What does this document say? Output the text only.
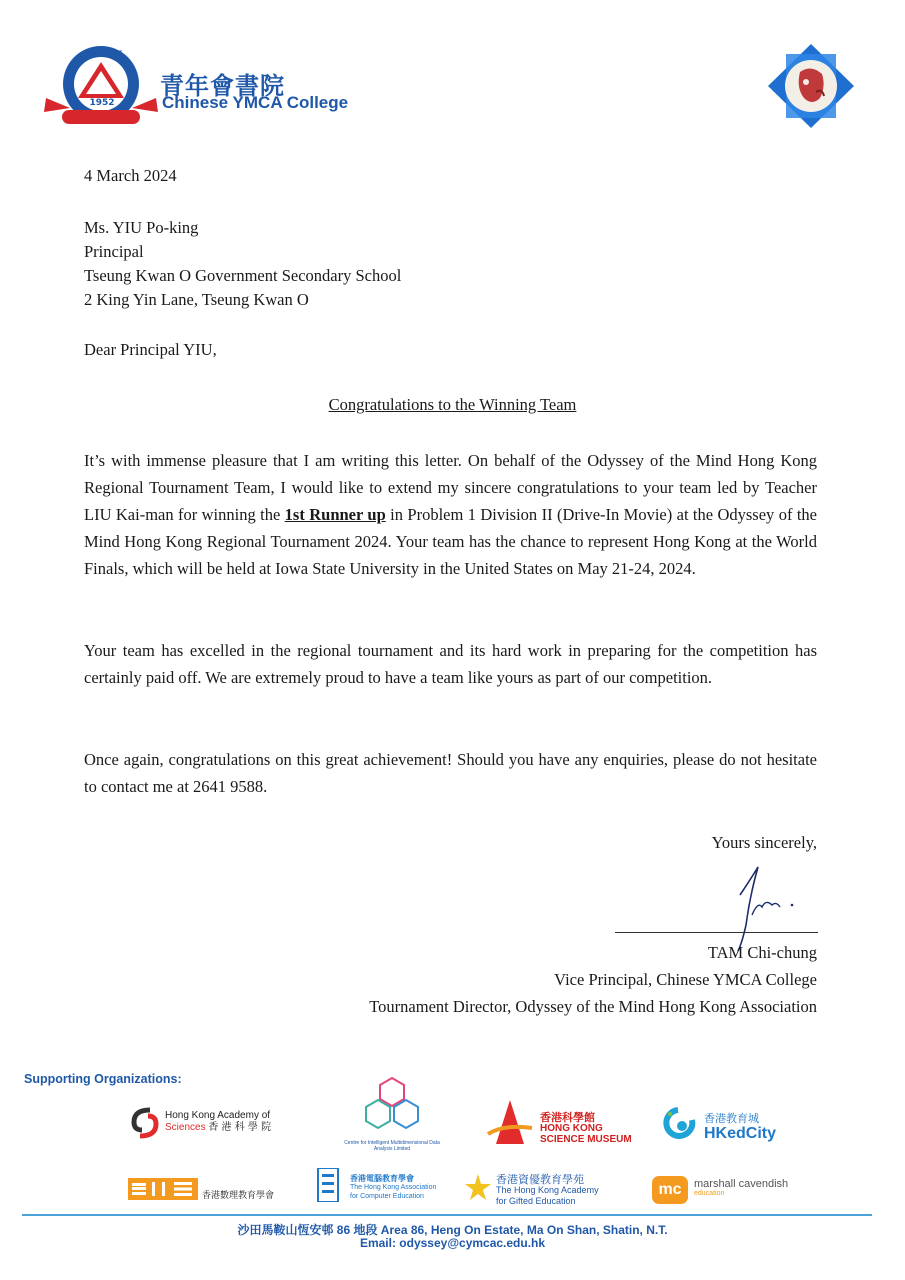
SPIRIT
1952
CHINESE YMCA COLLEGE
青年會書院
Chinese YMCA College
4 March 2024
Ms. YIU Po-king
Principal
Tseung Kwan O Government Secondary School
2 King Yin Lane, Tseung Kwan O
Dear Principal YIU,
Congratulations to the Winning Team
It’s with immense pleasure that I am writing this letter. On behalf of the Odyssey of the Mind Hong Kong Regional Tournament Team, I would like to extend my sincere congratulations to your team led by Teacher LIU Kai-man for winning the 1st Runner up in Problem 1 Division II (Drive-In Movie) at the Odyssey of the Mind Hong Kong Regional Tournament 2024. Your team has the chance to represent Hong Kong at the World Finals, which will be held at Iowa State University in the United States on May 21-24, 2024.
Your team has excelled in the regional tournament and its hard work in preparing for the competition has certainly paid off. We are extremely proud to have a team like yours as part of our competition.
Once again, congratulations on this great achievement! Should you have any enquiries, please do not hesitate to contact me at 2641 9588.
Yours sincerely,
TAM Chi-chung
Vice Principal, Chinese YMCA College
Tournament Director, Odyssey of the Mind Hong Kong Association
Supporting Organizations:
Hong Kong Academy of
Sciences 香 港 科 學 院
Centre for Intelligent Multidimensional Data Analysis Limited
香港科學館
HONG KONG
SCIENCE MUSEUM
香港教育城
HKedCity
香港數理教育學會
香港電腦教育學會
The Hong Kong Association
for Computer Education
香港資優教育學苑
The Hong Kong Academy
for Gifted Education
mc	marshall cavendish
education
沙田馬鞍山恆安邨 86 地段 Area 86, Heng On Estate, Ma On Shan, Shatin, N.T.
Email: odyssey@cymcac.edu.hk
